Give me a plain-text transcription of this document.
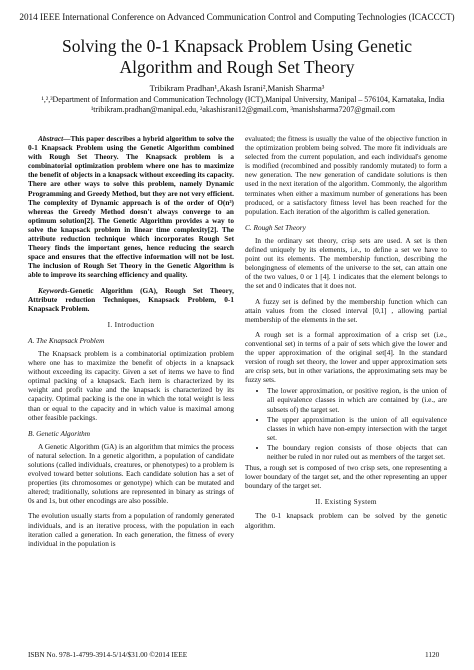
2014 IEEE International Conference on Advanced Communication Control and Computing Technologies (ICACCCT)
Solving the 0-1 Knapsack Problem Using Genetic
Algorithm and Rough Set Theory
Tribikram Pradhan¹,Akash Israni²,Manish Sharma³
¹,²,³Department of Information and Communication Technology (ICT),Manipal University, Manipal – 576104, Karnataka, India
¹tribikram.pradhan@manipal.edu, ²akashisrani12@gmail.com, ³manishsharma7207@gmail.com

Abstract—This paper describes a hybrid algorithm to solve the 0-1 Knapsack Problem using the Genetic Algorithm combined with Rough Set Theory. The Knapsack problem is a combinatorial optimization problem where one has to maximize the benefit of objects in a knapsack without exceeding its capacity. There are other ways to solve this problem, namely Dynamic Programming and Greedy Method, but they are not very efficient. The complexity of Dynamic approach is of the order of O(n³) whereas the Greedy Method doesn't always converge to an optimum solution[2]. The Genetic Algorithm provides a way to solve the knapsack problem in linear time complexity[2]. The attribute reduction technique which incorporates Rough Set Theory finds the important genes, hence reducing the search space and ensures that the effective information will not be lost. The inclusion of Rough Set Theory in the Genetic Algorithm is able to improve its searching efficiency and quality.

Keywords-Genetic Algorithm (GA), Rough Set Theory, Attribute reduction Techniques, Knapsack Problem, 0-1 Knapsack Problem.

I. Introduction
A. The Knapsack Problem

The Knapsack problem is a combinatorial optimization problem where one has to maximize the benefit of objects in a knapsack without exceeding its capacity. Given a set of items we have to find optimal packing of a knapsack. Each item is characterized by its weight and profit value and the knapsack is characterized by its capacity. Optimal packing is the one in which the total weight is less than or equal to the capacity and in which value is maximal among other feasible packings.

B. Genetic Algorithm

A Genetic Algorithm (GA) is an algorithm that mimics the process of natural selection. In a genetic algorithm, a population of candidate solutions (called individuals, creatures, or phenotypes) to a problem is evolved toward better solutions. Each candidate solution has a set of properties (its chromosomes or genotype) which can be mutated and altered; traditionally, solutions are represented in binary as strings of 0s and 1s, but other encodings are also possible.

The evolution usually starts from a population of randomly generated individuals, and is an iterative process, with the population in each iteration called a generation. In each generation, the fitness of every individual in the population is

evaluated; the fitness is usually the value of the objective function in the optimization problem being solved. The more fit individuals are selected from the current population, and each individual's genome is modified (recombined and possibly randomly mutated) to form a new generation. The new generation of candidate solutions is then used in the next iteration of the algorithm. Commonly, the algorithm terminates when either a maximum number of generations has been produced, or a satisfactory fitness level has been reached for the population. Each iteration of the algorithm is called generation.

C. Rough Set Theory

In the ordinary set theory, crisp sets are used. A set is then defined uniquely by its elements, i.e., to define a set we have to point out its elements. The membership function, describing the belongingness of elements of the universe to the set, can attain one of the two values, 0 or 1 [4]. 1 indicates that the element belongs to the set and 0 indicates that it does not.

A fuzzy set is defined by the membership function which can attain values from the closed interval [0,1] , allowing partial membership of the elements in the set.

A rough set is a formal approximation of a crisp set (i.e., conventional set) in terms of a pair of sets which give the lower and the upper approximation of the original set[4]. In the standard version of rough set theory, the lower and upper approximation sets are crisp sets, but in other variations, the approximating sets may be fuzzy sets.

• The lower approximation, or positive region, is the union of all equivalence classes in which are contained by (i.e., are subsets of) the target set.
• The upper approximation is the union of all equivalence classes in which have non-empty intersection with the target set.
• The boundary region consists of those objects that can neither be ruled in nor ruled out as members of the target set.

Thus, a rough set is composed of two crisp sets, one representing a lower boundary of the target set, and the other representing an upper boundary of the target set.

II. Existing System

The 0-1 knapsack problem can be solved by the genetic algorithm.

ISBN No. 978-1-4799-3914-5/14/$31.00 ©2014 IEEE	1120
